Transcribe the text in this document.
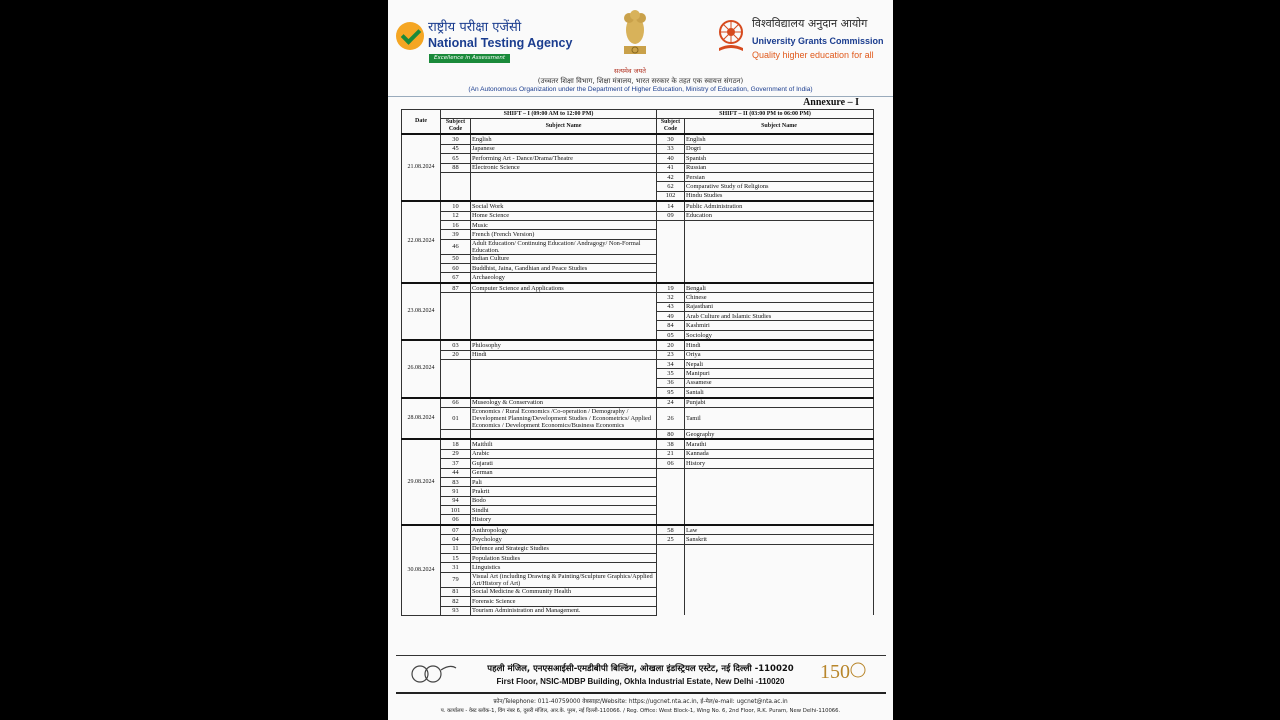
राष्ट्रीय परीक्षा एजेंसी
National Testing Agency
Excellence in Assessment
सत्यमेव जयते
विश्वविद्यालय अनुदान आयोग
University Grants Commission
Quality higher education for all
(उच्चतर शिक्षा विभाग, शिक्षा मंत्रालय, भारत सरकार के तहत एक स्वायत्त संगठन)
(An Autonomous Organization under the Department of Higher Education, Ministry of Education, Government of India)
Annexure – I
Date	SHIFT – I (09:00 AM to 12:00 PM)		SHIFT – II (03:00 PM to 06:00 PM)	
	Subject Code	Subject Name	Subject Code	Subject Name
21.08.2024	30	English	30	English
	45	Japanese	33	Dogri
	65	Performing Art - Dance/Drama/Theatre	40	Spanish
	88	Electronic Science	41	Russian
			42	Persian
			62	Comparative Study of Religions
			102	Hindu Studies
22.08.2024	10	Social Work	14	Public Administration
	12	Home Science	09	Education
	16	Music		
	39	French (French Version)		
	46	Adult Education/ Continuing Education/ Andragogy/ Non-Formal Education.		
	50	Indian Culture		
	60	Buddhist, Jaina, Gandhian and Peace Studies		
	67	Archaeology		
23.08.2024	87	Computer Science and Applications	19	Bengali
			32	Chinese
			43	Rajasthani
			49	Arab Culture and Islamic Studies
			84	Kashmiri
			05	Sociology
26.08.2024	03	Philosophy	20	Hindi
	20	Hindi	23	Oriya
			34	Nepali
			35	Manipuri
			36	Assamese
			95	Santali
28.08.2024	66	Museology & Conservation	24	Punjabi
	01	Economics / Rural Economics /Co-operation / Demography / Development Planning/Development Studies / Econometrics/ Applied Economics / Development Economics/Business Economics	26	Tamil
			80	Geography
29.08.2024	18	Maithili	38	Marathi
	29	Arabic	21	Kannada
	37	Gujarati	06	History
	44	German		
	83	Pali		
	91	Prakrit		
	94	Bodo		
	101	Sindhi		
	06	History		
30.08.2024	07	Anthropology	58	Law
	04	Psychology	25	Sanskrit
	11	Defence and Strategic Studies		
	15	Population Studies		
	31	Linguistics		
	79	Visual Art (including Drawing & Painting/Sculpture Graphics/Applied Art/History of Art)		
	81	Social Medicine & Community Health		
	82	Forensic Science		
	93	Tourism Administration and Management.		
पहली मंजिल, एनएसआईसी-एमडीबीपी बिल्डिंग, ओखला इंडस्ट्रियल एस्टेट, नई दिल्ली -110020
First Floor, NSIC-MDBP Building, Okhla Industrial Estate, New Delhi -110020	150
फ़ोन/Telephone: 011-40759000 वेबसाइट/Website: https://ugcnet.nta.ac.in, ई-मेल/e-mail: ugcnet@nta.ac.in
प. कार्यालय - वेस्ट ब्लॉक-1, विंग नंबर 6, दूसरी मंजिल, आर.के. पुरम, नई दिल्ली-110066. / Reg. Office: West Block-1, Wing No. 6, 2nd Floor, R.K. Puram, New Delhi-110066.
